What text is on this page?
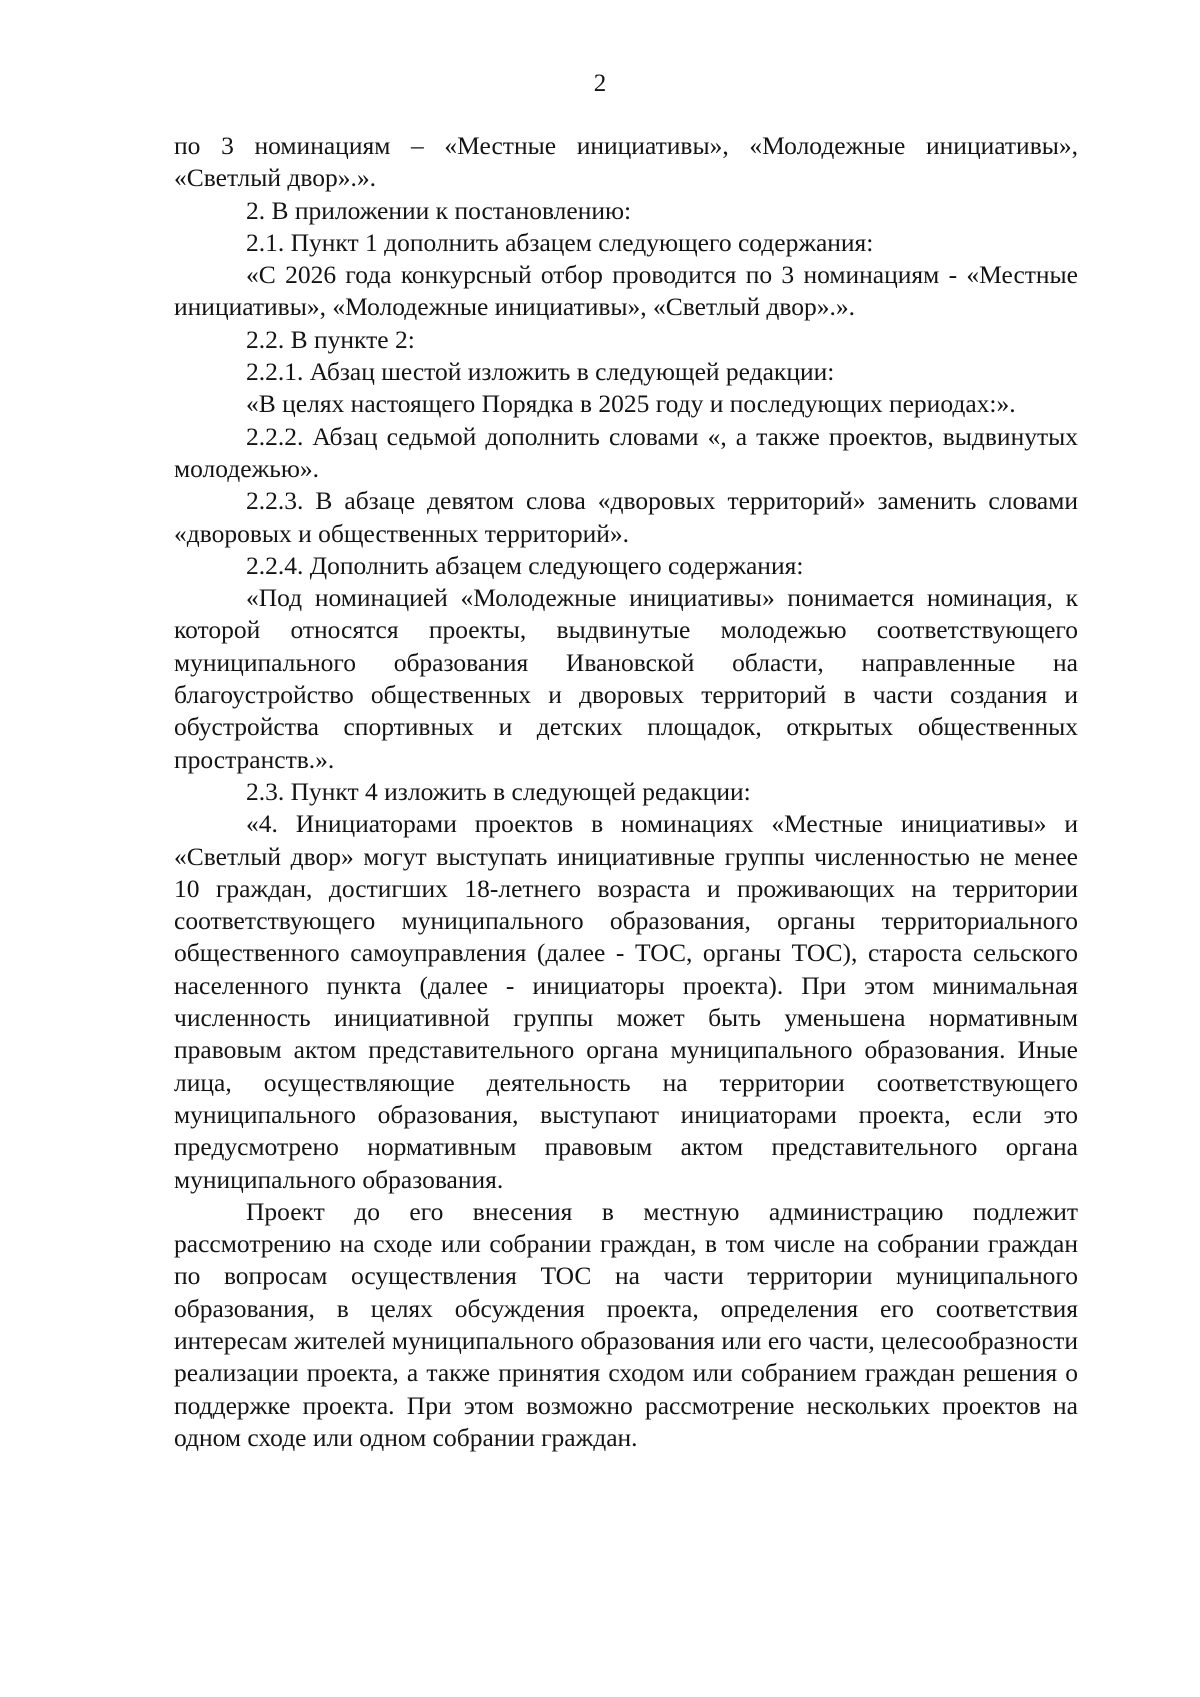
2

по 3 номинациям – «Местные инициативы», «Молодежные инициативы», «Светлый двор».».

2. В приложении к постановлению:

2.1. Пункт 1 дополнить абзацем следующего содержания:

«С 2026 года конкурсный отбор проводится по 3 номинациям - «Местные инициативы», «Молодежные инициативы», «Светлый двор».».

2.2. В пункте 2:

2.2.1. Абзац шестой изложить в следующей редакции:

«В целях настоящего Порядка в 2025 году и последующих периодах:».

2.2.2. Абзац седьмой дополнить словами «, а также проектов, выдвинутых молодежью».

2.2.3. В абзаце девятом слова «дворовых территорий» заменить словами «дворовых и общественных территорий».

2.2.4. Дополнить абзацем следующего содержания:

«Под номинацией «Молодежные инициативы» понимается номинация, к которой относятся проекты, выдвинутые молодежью соответствующего муниципального образования Ивановской области, направленные на благоустройство общественных и дворовых территорий в части создания и обустройства спортивных и детских площадок, открытых общественных пространств.».

2.3. Пункт 4 изложить в следующей редакции:

«4. Инициаторами проектов в номинациях «Местные инициативы» и «Светлый двор» могут выступать инициативные группы численностью не менее 10 граждан, достигших 18-летнего возраста и проживающих на территории соответствующего муниципального образования, органы территориального общественного самоуправления (далее - ТОС, органы ТОС), староста сельского населенного пункта (далее - инициаторы проекта). При этом минимальная численность инициативной группы может быть уменьшена нормативным правовым актом представительного органа муниципального образования. Иные лица, осуществляющие деятельность на территории соответствующего муниципального образования, выступают инициаторами проекта, если это предусмотрено нормативным правовым актом представительного органа муниципального образования.

Проект до его внесения в местную администрацию подлежит рассмотрению на сходе или собрании граждан, в том числе на собрании граждан по вопросам осуществления ТОС на части территории муниципального образования, в целях обсуждения проекта, определения его соответствия интересам жителей муниципального образования или его части, целесообразности реализации проекта, а также принятия сходом или собранием граждан решения о поддержке проекта. При этом возможно рассмотрение нескольких проектов на одном сходе или одном собрании граждан.
